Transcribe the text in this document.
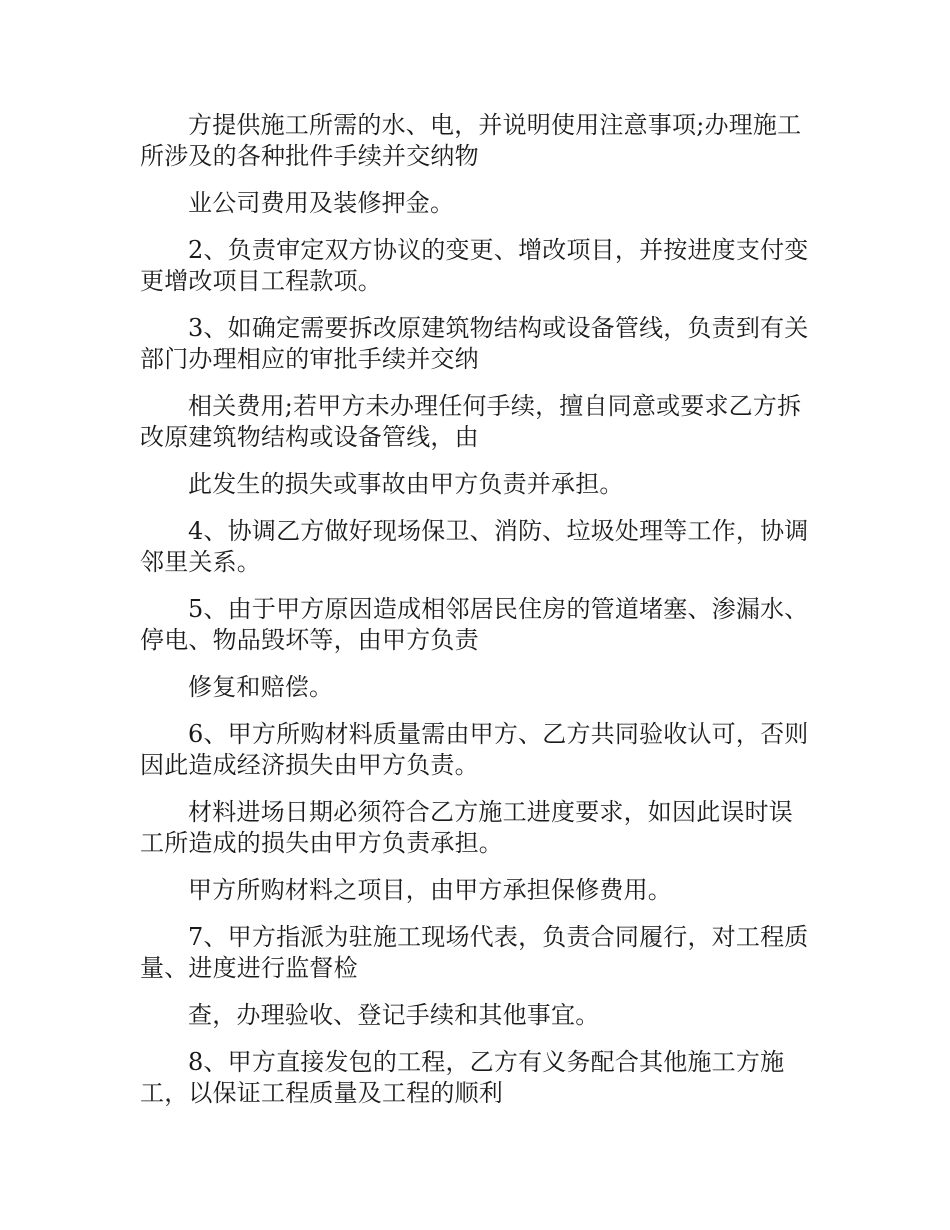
方提供施工所需的水、电，并说明使用注意事项;办理施工所涉及的各种批件手续并交纳物

业公司费用及装修押金。

2、负责审定双方协议的变更、增改项目，并按进度支付变更增改项目工程款项。

3、如确定需要拆改原建筑物结构或设备管线，负责到有关部门办理相应的审批手续并交纳

相关费用;若甲方未办理任何手续，擅自同意或要求乙方拆改原建筑物结构或设备管线，由

此发生的损失或事故由甲方负责并承担。

4、协调乙方做好现场保卫、消防、垃圾处理等工作，协调邻里关系。

5、由于甲方原因造成相邻居民住房的管道堵塞、渗漏水、停电、物品毁坏等，由甲方负责

修复和赔偿。

6、甲方所购材料质量需由甲方、乙方共同验收认可，否则因此造成经济损失由甲方负责。

材料进场日期必须符合乙方施工进度要求，如因此误时误工所造成的损失由甲方负责承担。

甲方所购材料之项目，由甲方承担保修费用。

7、甲方指派为驻施工现场代表，负责合同履行，对工程质量、进度进行监督检

查，办理验收、登记手续和其他事宜。

8、甲方直接发包的工程，乙方有义务配合其他施工方施工，以保证工程质量及工程的顺利
